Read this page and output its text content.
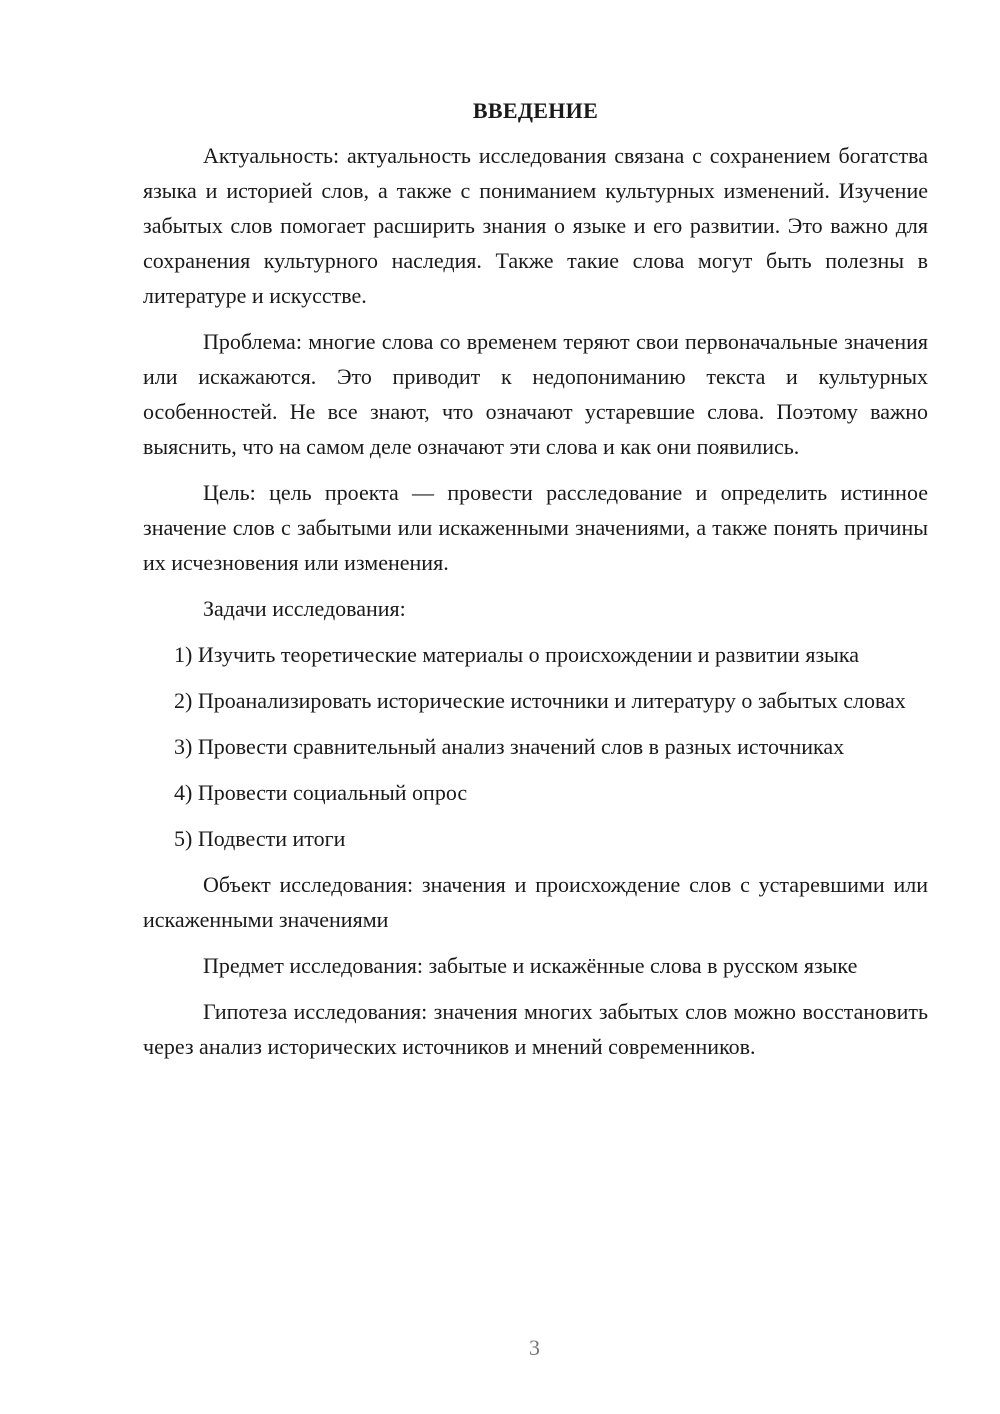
ВВЕДЕНИЕ

Актуальность: актуальность исследования связана с сохранением богатства языка и историей слов, а также с пониманием культурных изменений. Изучение забытых слов помогает расширить знания о языке и его развитии. Это важно для сохранения культурного наследия. Также такие слова могут быть полезны в литературе и искусстве.

Проблема: многие слова со временем теряют свои первоначальные значения или искажаются. Это приводит к недопониманию текста и культурных особенностей. Не все знают, что означают устаревшие слова. Поэтому важно выяснить, что на самом деле означают эти слова и как они появились.

Цель: цель проекта — провести расследование и определить истинное значение слов с забытыми или искаженными значениями, а также понять причины их исчезновения или изменения.

Задачи исследования:

1) Изучить теоретические материалы о происхождении и развитии языка

2) Проанализировать исторические источники и литературу о забытых словах

3) Провести сравнительный анализ значений слов в разных источниках

4) Провести социальный опрос

5) Подвести итоги

Объект исследования: значения и происхождение слов с устаревшими или искаженными значениями

Предмет исследования: забытые и искажённые слова в русском языке

Гипотеза исследования: значения многих забытых слов можно восстановить через анализ исторических источников и мнений современников.

3
